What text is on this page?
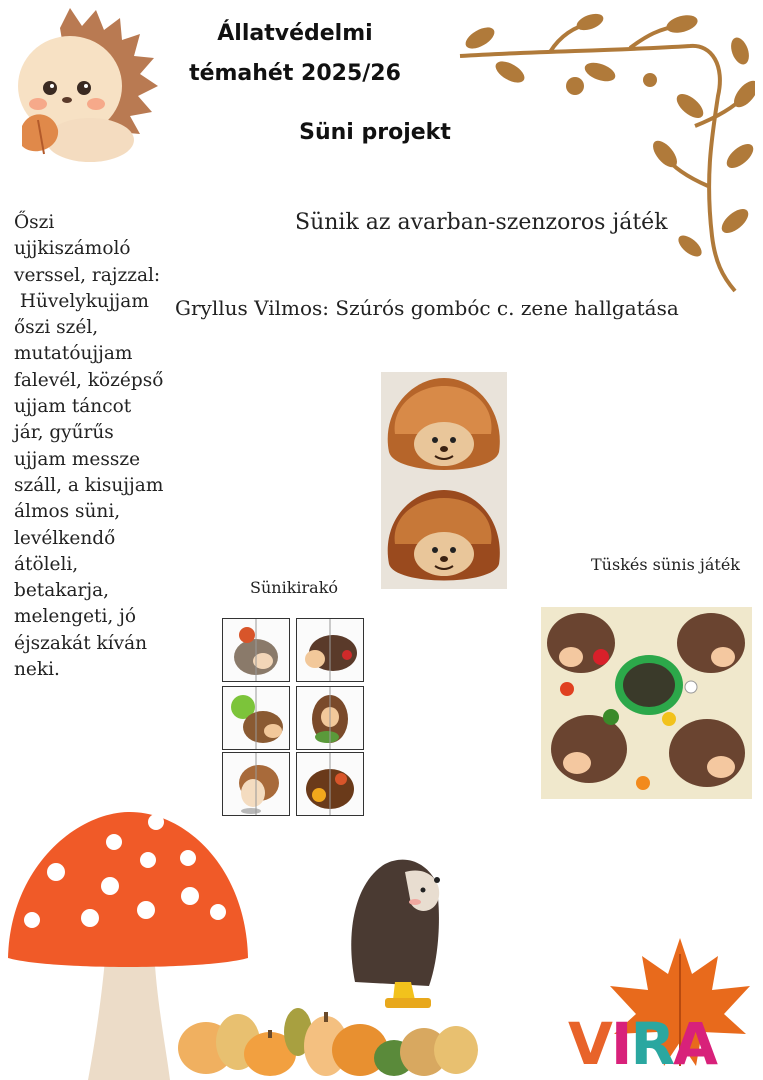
Állatvédelmi
témahét 2025/26
Süni projekt
Sünik az avarban-szenzoros játék
Gryllus Vilmos: Szúrós gombóc c. zene hallgatása
Őszi
ujjkiszámoló
verssel, rajzzal:
Hüvelykujjam
őszi szél,
mutatóujjam
falevél, középső
ujjam táncot
jár, gyűrűs
ujjam messze
száll, a kisujjam
álmos süni,
levélkendő
átöleli,
betakarja,
melengeti, jó
éjszakát kíván
neki.
Sünikirakó
Tüskés sünis játék
VIRA
